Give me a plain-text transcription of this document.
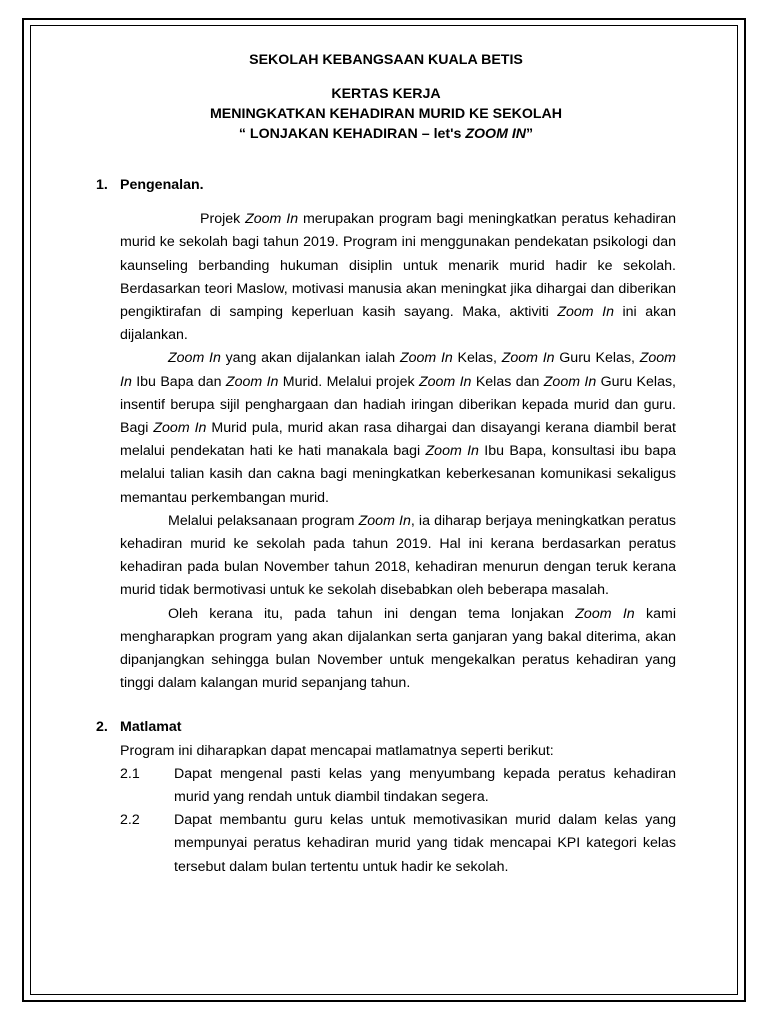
SEKOLAH KEBANGSAAN KUALA BETIS
KERTAS KERJA
MENINGKATKAN KEHADIRAN MURID KE SEKOLAH
“ LONJAKAN KEHADIRAN – let's ZOOM IN”
1. Pengenalan.

Projek Zoom In merupakan program bagi meningkatkan peratus kehadiran murid ke sekolah bagi tahun 2019. Program ini menggunakan pendekatan psikologi dan kaunseling berbanding hukuman disiplin untuk menarik murid hadir ke sekolah. Berdasarkan teori Maslow, motivasi manusia akan meningkat jika dihargai dan diberikan pengiktirafan di samping keperluan kasih sayang. Maka, aktiviti Zoom In ini akan dijalankan.

Zoom In yang akan dijalankan ialah Zoom In Kelas, Zoom In Guru Kelas, Zoom In Ibu Bapa dan Zoom In Murid. Melalui projek Zoom In Kelas dan Zoom In Guru Kelas, insentif berupa sijil penghargaan dan hadiah iringan diberikan kepada murid dan guru. Bagi Zoom In Murid pula, murid akan rasa dihargai dan disayangi kerana diambil berat melalui pendekatan hati ke hati manakala bagi Zoom In Ibu Bapa, konsultasi ibu bapa melalui talian kasih dan cakna bagi meningkatkan keberkesanan komunikasi sekaligus memantau perkembangan murid.

Melalui pelaksanaan program Zoom In, ia diharap berjaya meningkatkan peratus kehadiran murid ke sekolah pada tahun 2019. Hal ini kerana berdasarkan peratus kehadiran pada bulan November tahun 2018, kehadiran menurun dengan teruk kerana murid tidak bermotivasi untuk ke sekolah disebabkan oleh beberapa masalah.

Oleh kerana itu, pada tahun ini dengan tema lonjakan Zoom In kami mengharapkan program yang akan dijalankan serta ganjaran yang bakal diterima, akan dipanjangkan sehingga bulan November untuk mengekalkan peratus kehadiran yang tinggi dalam kalangan murid sepanjang tahun.

2. Matlamat

Program ini diharapkan dapat mencapai matlamatnya seperti berikut:

2.1	Dapat mengenal pasti kelas yang menyumbang kepada peratus kehadiran murid yang rendah untuk diambil tindakan segera.
2.2	Dapat membantu guru kelas untuk memotivasikan murid dalam kelas yang mempunyai peratus kehadiran murid yang tidak mencapai KPI kategori kelas tersebut dalam bulan tertentu untuk hadir ke sekolah.
